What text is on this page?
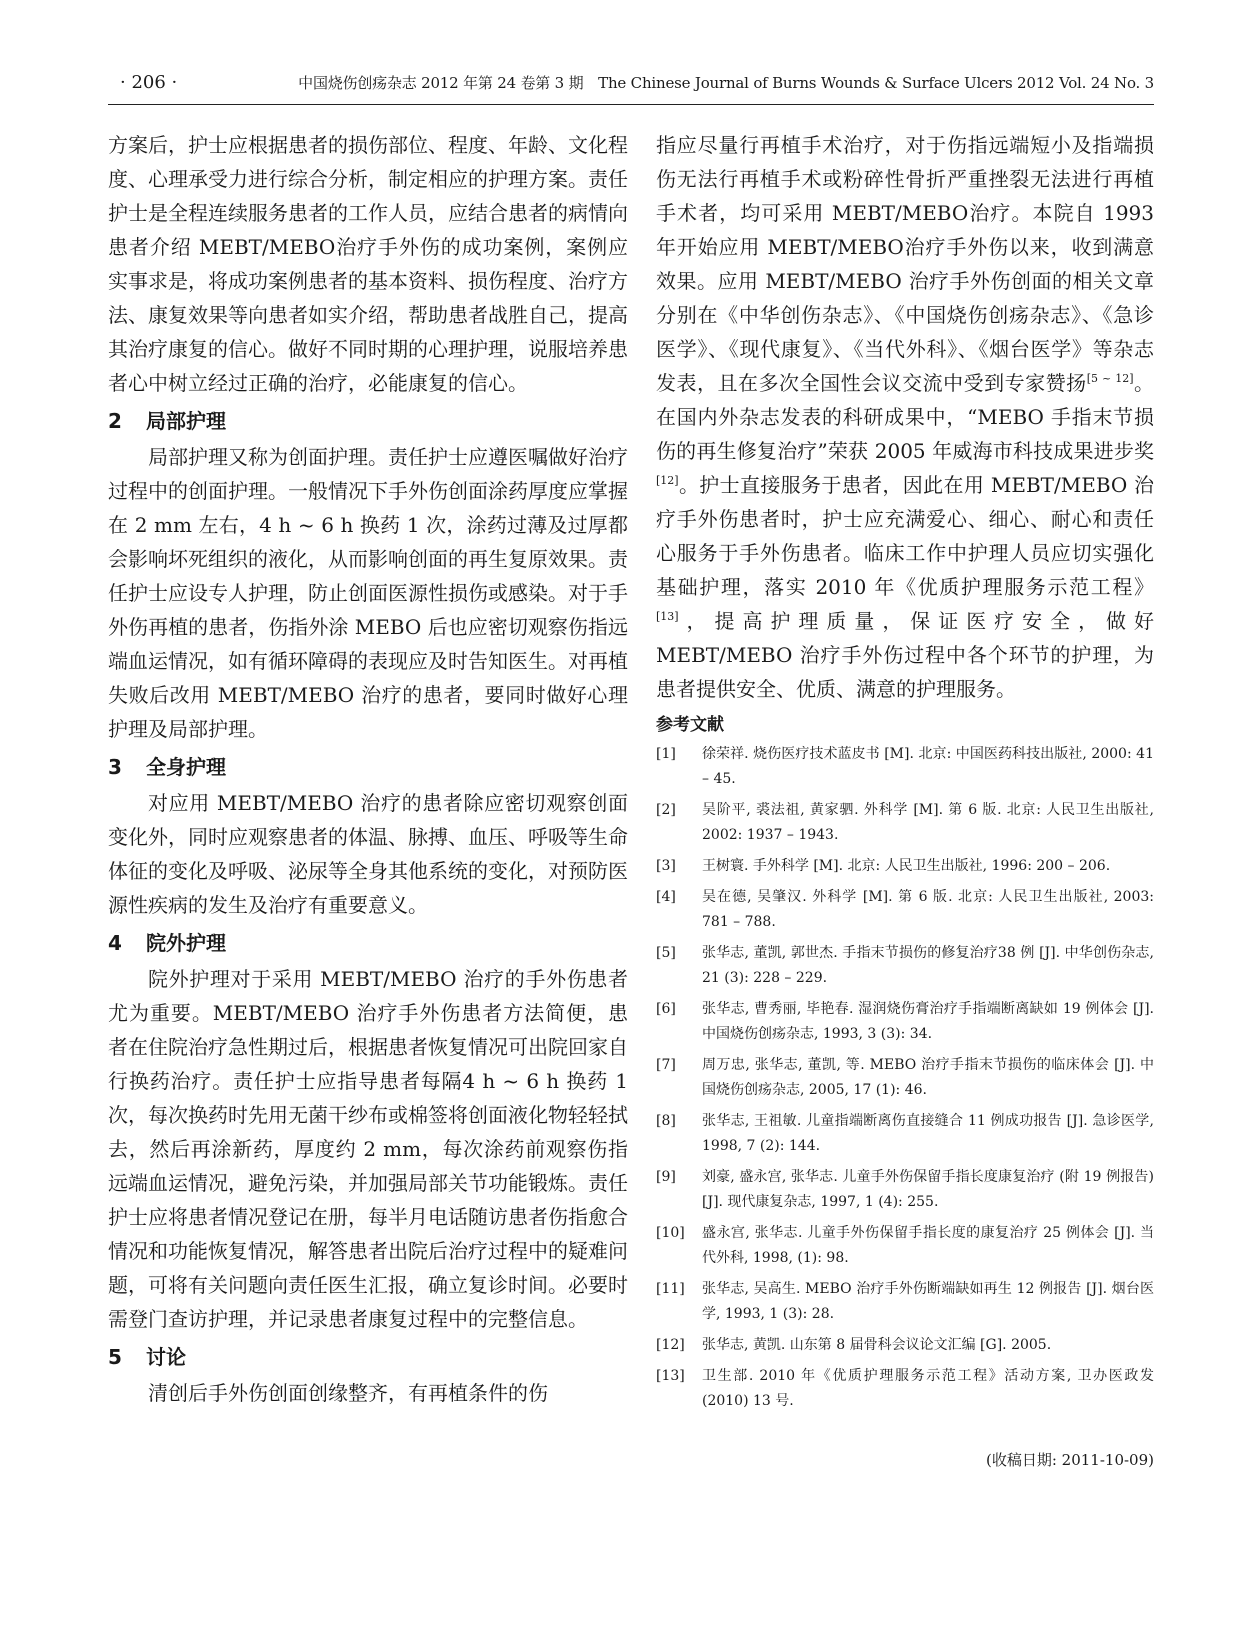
· 206 ·	中国烧伤创疡杂志 2012 年第 24 卷第 3 期　The Chinese Journal of Burns Wounds & Surface Ulcers 2012 Vol. 24 No. 3

方案后，护士应根据患者的损伤部位、程度、年龄、文化程度、心理承受力进行综合分析，制定相应的护理方案。责任护士是全程连续服务患者的工作人员，应结合患者的病情向患者介绍 MEBT/MEBO治疗手外伤的成功案例，案例应实事求是，将成功案例患者的基本资料、损伤程度、治疗方法、康复效果等向患者如实介绍，帮助患者战胜自己，提高其治疗康复的信心。做好不同时期的心理护理，说服培养患者心中树立经过正确的治疗，必能康复的信心。

2 局部护理

局部护理又称为创面护理。责任护士应遵医嘱做好治疗过程中的创面护理。一般情况下手外伤创面涂药厚度应掌握在 2 mm 左右，4 h ~ 6 h 换药 1 次，涂药过薄及过厚都会影响坏死组织的液化，从而影响创面的再生复原效果。责任护士应设专人护理，防止创面医源性损伤或感染。对于手外伤再植的患者，伤指外涂 MEBO 后也应密切观察伤指远端血运情况，如有循环障碍的表现应及时告知医生。对再植失败后改用 MEBT/MEBO 治疗的患者，要同时做好心理护理及局部护理。

3 全身护理

对应用 MEBT/MEBO 治疗的患者除应密切观察创面变化外，同时应观察患者的体温、脉搏、血压、呼吸等生命体征的变化及呼吸、泌尿等全身其他系统的变化，对预防医源性疾病的发生及治疗有重要意义。

4 院外护理

院外护理对于采用 MEBT/MEBO 治疗的手外伤患者尤为重要。MEBT/MEBO 治疗手外伤患者方法简便，患者在住院治疗急性期过后，根据患者恢复情况可出院回家自行换药治疗。责任护士应指导患者每隔4 h ~ 6 h 换药 1 次，每次换药时先用无菌干纱布或棉签将创面液化物轻轻拭去，然后再涂新药，厚度约 2 mm，每次涂药前观察伤指远端血运情况，避免污染，并加强局部关节功能锻炼。责任护士应将患者情况登记在册，每半月电话随访患者伤指愈合情况和功能恢复情况，解答患者出院后治疗过程中的疑难问题，可将有关问题向责任医生汇报，确立复诊时间。必要时需登门查访护理，并记录患者康复过程中的完整信息。

5 讨论

清创后手外伤创面创缘整齐，有再植条件的伤

指应尽量行再植手术治疗，对于伤指远端短小及指端损伤无法行再植手术或粉碎性骨折严重挫裂无法进行再植手术者，均可采用 MEBT/MEBO治疗。本院自 1993 年开始应用 MEBT/MEBO治疗手外伤以来，收到满意效果。应用 MEBT/MEBO 治疗手外伤创面的相关文章分别在《中华创伤杂志》、《中国烧伤创疡杂志》、《急诊医学》、《现代康复》、《当代外科》、《烟台医学》等杂志发表，且在多次全国性会议交流中受到专家赞扬[5 ~ 12]。在国内外杂志发表的科研成果中，“MEBO 手指末节损伤的再生修复治疗”荣获 2005 年威海市科技成果进步奖[12]。护士直接服务于患者，因此在用 MEBT/MEBO 治疗手外伤患者时，护士应充满爱心、细心、耐心和责任心服务于手外伤患者。临床工作中护理人员应切实强化基础护理，落实 2010 年《优质护理服务示范工程》[13]，提高护理质量，保证医疗安全，做好 MEBT/MEBO 治疗手外伤过程中各个环节的护理，为患者提供安全、优质、满意的护理服务。

参考文献
[1] 徐荣祥. 烧伤医疗技术蓝皮书 [M]. 北京: 中国医药科技出版社, 2000: 41 – 45.
[2] 吴阶平, 裘法祖, 黄家驷. 外科学 [M]. 第 6 版. 北京: 人民卫生出版社, 2002: 1937 – 1943.
[3] 王树寰. 手外科学 [M]. 北京: 人民卫生出版社, 1996: 200 – 206.
[4] 吴在德, 吴肇汉. 外科学 [M]. 第 6 版. 北京: 人民卫生出版社, 2003: 781 – 788.
[5] 张华志, 董凯, 郭世杰. 手指末节损伤的修复治疗38 例 [J]. 中华创伤杂志, 21 (3): 228 – 229.
[6] 张华志, 曹秀丽, 毕艳春. 湿润烧伤膏治疗手指端断离缺如 19 例体会 [J]. 中国烧伤创疡杂志, 1993, 3 (3): 34.
[7] 周万忠, 张华志, 董凯, 等. MEBO 治疗手指末节损伤的临床体会 [J]. 中国烧伤创疡杂志, 2005, 17 (1): 46.
[8] 张华志, 王祖敏. 儿童指端断离伤直接缝合 11 例成功报告 [J]. 急诊医学, 1998, 7 (2): 144.
[9] 刘豪, 盛永宫, 张华志. 儿童手外伤保留手指长度康复治疗 (附 19 例报告) [J]. 现代康复杂志, 1997, 1 (4): 255.
[10] 盛永宫, 张华志. 儿童手外伤保留手指长度的康复治疗 25 例体会 [J]. 当代外科, 1998, (1): 98.
[11] 张华志, 吴高生. MEBO 治疗手外伤断端缺如再生 12 例报告 [J]. 烟台医学, 1993, 1 (3): 28.
[12] 张华志, 黄凯. 山东第 8 届骨科会议论文汇编 [G]. 2005.
[13] 卫生部. 2010 年《优质护理服务示范工程》活动方案, 卫办医政发 (2010) 13 号.
(收稿日期: 2011-10-09)
